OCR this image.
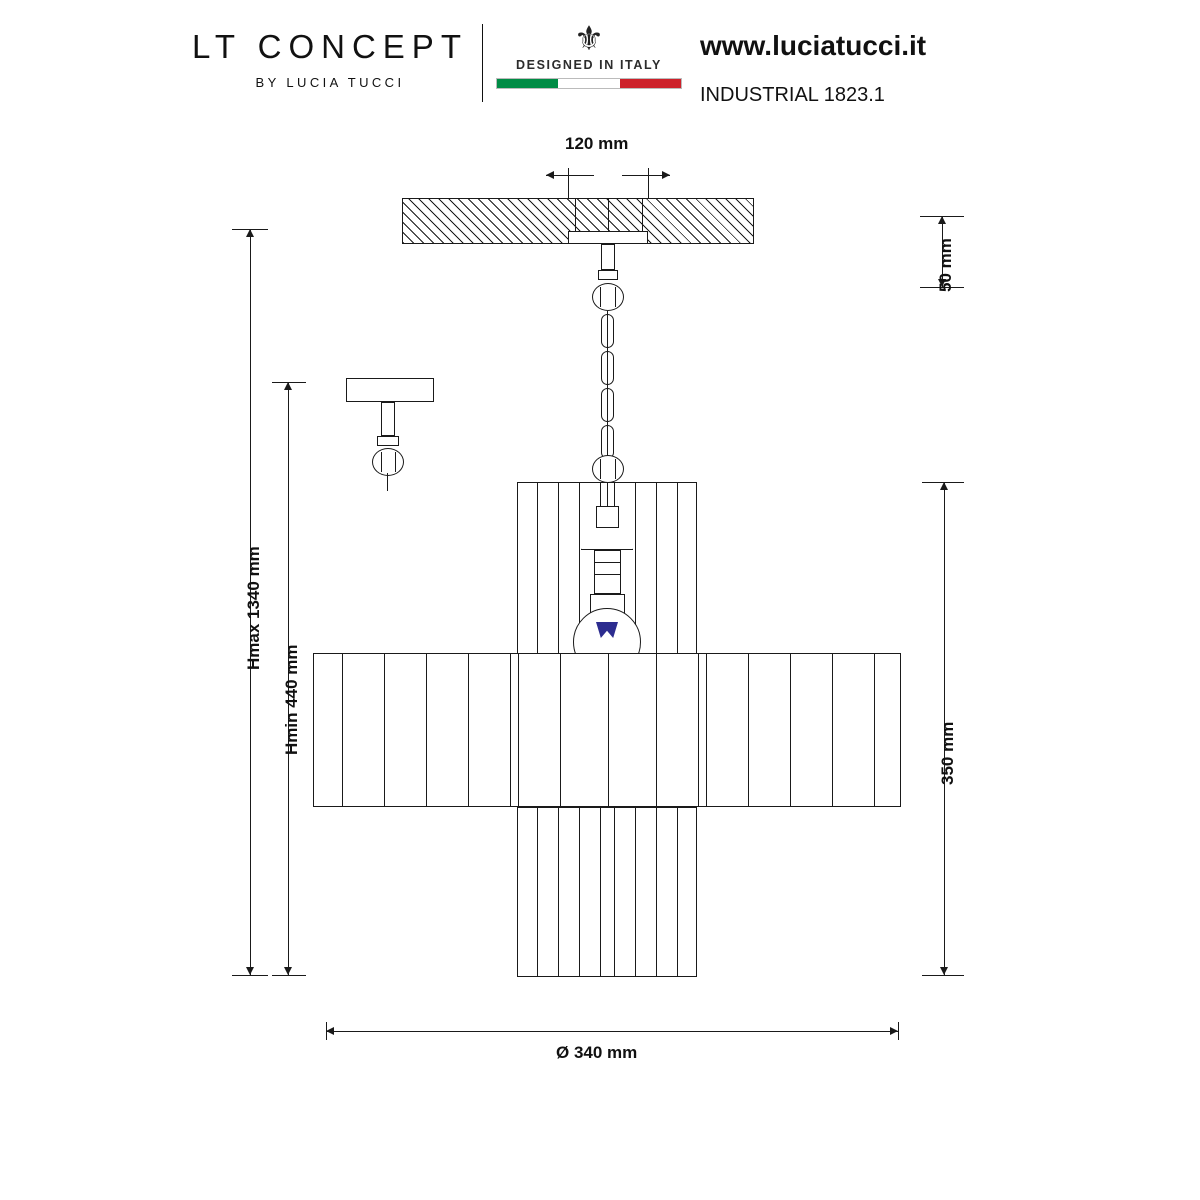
LT CONCEPT
BY LUCIA TUCCI
⚜
DESIGNED IN ITALY
www.luciatucci.it
INDUSTRIAL 1823.1
120 mm
50 mm
Hmax 1340 mm
Hmin 440 mm	350 mm
Ø 340 mm
